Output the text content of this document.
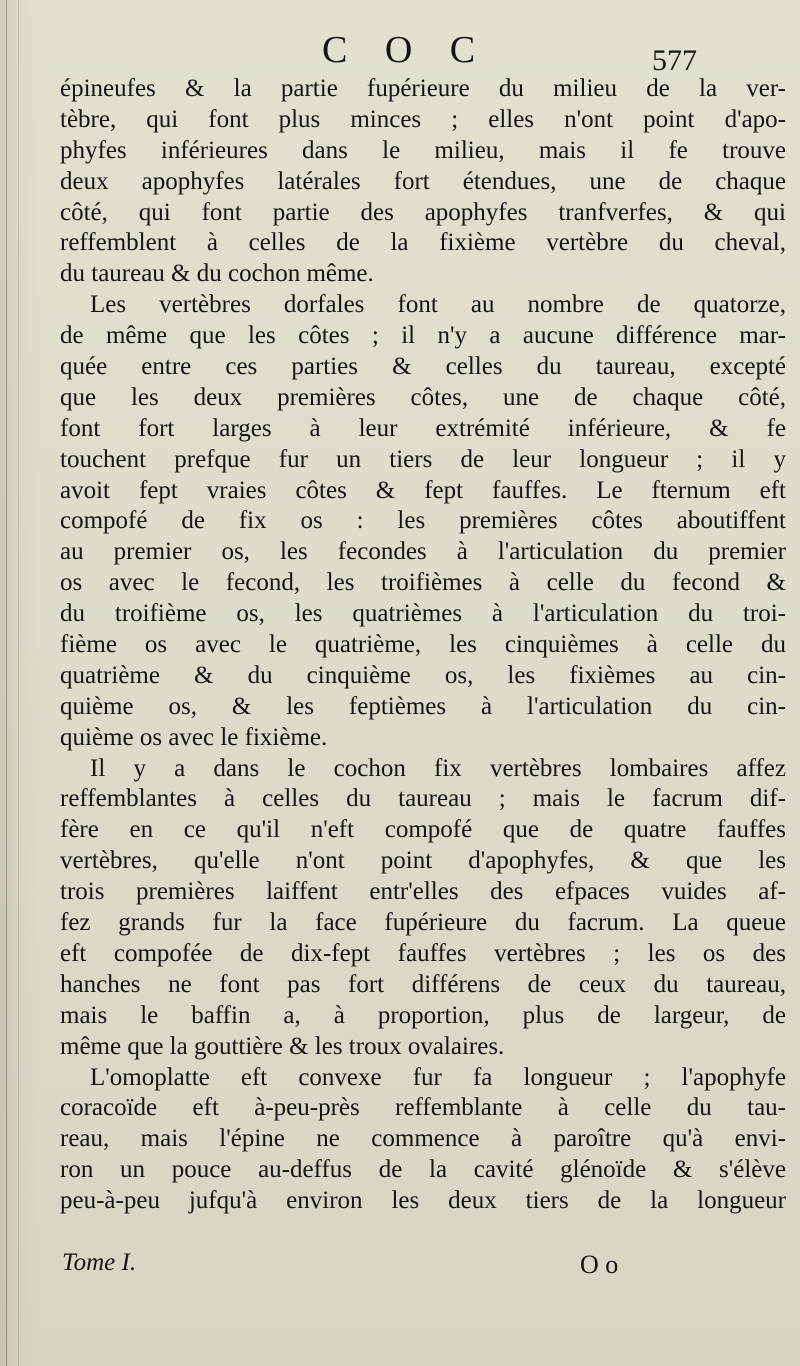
C O C	577
épineufes & la partie fupérieure du milieu de la ver-
tèbre, qui font plus minces ; elles n'ont point d'apo-
phyfes inférieures dans le milieu, mais il fe trouve
deux apophyfes latérales fort étendues, une de chaque
côté, qui font partie des apophyfes tranfverfes, & qui
reffemblent à celles de la fixième vertèbre du cheval,
du taureau & du cochon même.
Les vertèbres dorfales font au nombre de quatorze,
de même que les côtes ; il n'y a aucune différence mar-
quée entre ces parties & celles du taureau, excepté
que les deux premières côtes, une de chaque côté,
font fort larges à leur extrémité inférieure, & fe
touchent prefque fur un tiers de leur longueur ; il y
avoit fept vraies côtes & fept fauffes. Le fternum eft
compofé de fix os : les premières côtes aboutiffent
au premier os, les fecondes à l'articulation du premier
os avec le fecond, les troifièmes à celle du fecond &
du troifième os, les quatrièmes à l'articulation du troi-
fième os avec le quatrième, les cinquièmes à celle du
quatrième & du cinquième os, les fixièmes au cin-
quième os, & les feptièmes à l'articulation du cin-
quième os avec le fixième.
Il y a dans le cochon fix vertèbres lombaires affez
reffemblantes à celles du taureau ; mais le facrum dif-
fère en ce qu'il n'eft compofé que de quatre fauffes
vertèbres, qu'elle n'ont point d'apophyfes, & que les
trois premières laiffent entr'elles des efpaces vuides af-
fez grands fur la face fupérieure du facrum. La queue
eft compofée de dix-fept fauffes vertèbres ; les os des
hanches ne font pas fort différens de ceux du taureau,
mais le baffin a, à proportion, plus de largeur, de
même que la gouttière & les troux ovalaires.
L'omoplatte eft convexe fur fa longueur ; l'apophyfe
coracoïde eft à-peu-près reffemblante à celle du tau-
reau, mais l'épine ne commence à paroître qu'à envi-
ron un pouce au-deffus de la cavité glénoïde & s'élève
peu-à-peu jufqu'à environ les deux tiers de la longueur
Tome I.	O o
